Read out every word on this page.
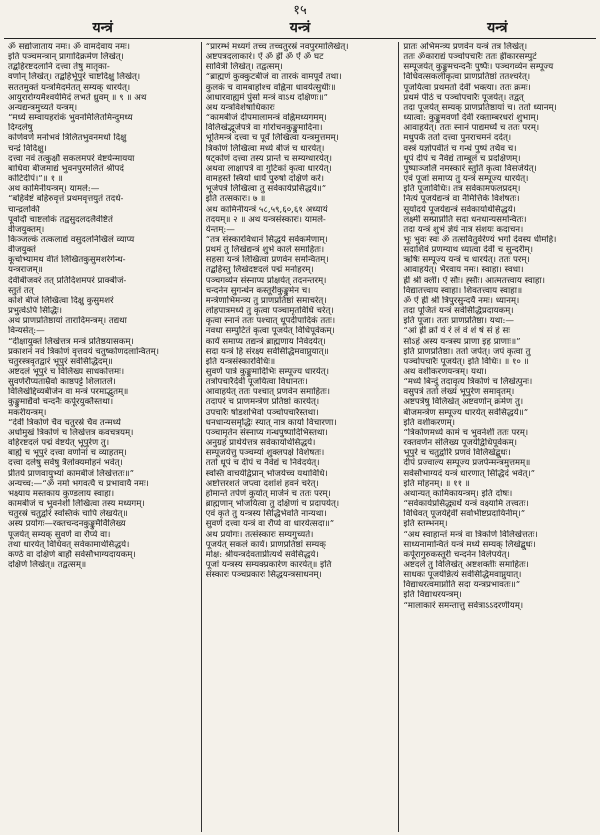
१५
यन्त्रं	यन्त्रं	यन्त्रं
ॐ सद्योजाताय नमः। ॐ वामदेवाय नमः।
इति पञ्चमन्त्रान् प्रागादिक्रमेण लिखेत्।
तद्बहिरष्टदलानि दत्त्वा तेषु मातृका-
वर्णान् लिखेत्। तद्बहिर्भूपुरं चाष्टदिक्षु लिखेत्।
सततमुक्तं यन्त्रमिदमेतत् सम्यक् धारयेत्।
आयुरारोग्यमैश्वर्यमिदं लभते ध्रुवम् ॥ ९ ॥ अथ
अन्यद्यन्त्रमुच्यते यन्त्रम्।
“मध्ये सम्वायहरांकं भुवनमिलितमिन्दुमध्य
दिग्दलेषु
कोणेवर्णे मनोभवं त्रिलितभुवनमधो दिक्षु
चन्द्रं विदिक्षु।
दत्त्वा नवं तत्कुक्षौ सकलमपरं वेष्टयेन्मायया
बाधिवा बीजमाद्यं भुवनपुरमलितं श्रीपदं
कोटिदीपं।”॥ १ ॥
अथ कामिनीयन्त्रम्। यामले:—
“बहिर्वेष्टं बहिरुवृत्तं प्रथमवृत्तयुतं तदर्ध-
चान्द्रलोकी
पूर्वादौ चाष्टलोकं तद्वसुदलदलैर्वेष्टितं
वीजयुक्तम्।
किञ्जल्कं तत्कलाद्यं वसुदलनिखिलं व्याप्य
वीजयुक्तं
कूर्चाभ्यामथ वीतं लिखितकुसुमशरेर्गन्ध-
यन्त्रराजम्॥
देवीबीजवरं तत् प्रतिदिशमपरं प्राक्बीजं-
स्तुतं तत्
कोशे बीजं लिखित्वा दिक्षु कुसुमशरं
प्रभुत्वेऽपि सिद्धिः।
अथ प्राणप्रतिष्ठायां तारादिमन्त्रम्। तद्यथा
विन्यसेत्:—
“दीक्षायुक्तं लिखेत्तत्र मन्त्रं प्रतिष्ठयासकम्।
प्रकाशनं नवं त्रिकोणं वृत्तवयं चतुष्कोणदलान्वितम्।
चतुरस्त्रवृतद्वारं भूपुरं सर्वसिद्धिदम्॥
अष्टदलं भूपुरं च विलिख्य साधकोत्तमः।
सुवर्णरौप्यताम्रैर्वा काष्ठपट्टे शिलातले।
विलिखेद्दिव्यबीजेन वा मन्त्रं परमाद्भुतम्॥
कुङ्कुमाद्यैर्वा चन्दनैः कर्पूरयुक्तैस्तथा।
मकरीयन्त्रम्।
“देवीं त्रिकोणे चैव चतुरस्रे चैव तन्मध्ये
अधोमुखं त्रिकोणं च लिखेत्तत्र कवचत्रयम्।
वहिरष्टदलं पद्मं वेष्टयेत् भूपुरेण तु।
बाह्ये च भूपुरं दत्त्वा वर्णानां च व्याहतम्।
दत्त्वा दलेषु सर्वेषु त्रैलोक्यमोहनं भवेत्।
प्रीतये प्राणवायुभ्यां कामबीजं लिखेत्ततः॥”
अन्यच्च:—“ॐ नमो भगवत्यै च प्रभावायै नमः।
भक्ष्याय मस्तकाय कुण्डलाय स्वाहा।
कामबीजं च भुवनेशीं लिखित्वा तस्य मध्यगम्।
चतुरस्रं चतुर्द्वारं स्वस्तिकं चापि लेखयेत्॥
अस्य प्रयोगः—रक्तचन्दनकुङ्कुमैर्विलिख्य
पूजयेत् सम्यक् सुवर्णे वा रौप्ये वा।
तथा धारयेत् विधिवत् सर्वकामार्थसिद्धये।
कण्ठे वा दक्षिणे बाहौ सर्वसौभाग्यदायकम्।
दक्षिणे लिखेत्॥ तद्वत्सम्॥
“प्रारम्भं मध्यगं तच्च तच्चतुरस्रं नवपुरमालिखेत्।
अष्टपत्रदलाकारं। ऐं ॐ ह्रीं ॐ ऐं ॐ घट
सावित्री लिखेत्। तद्वत्सम्।
“ब्राह्मणं कुक्कुटबीजं वा तारकं वामपूर्वं तथा।
कुलकं च वामबाहोश्च वह्निना धावयेत्सुधीः॥
आधारवाह्यमं पुंसो मन्त्रं वाऽथ दक्षिणः॥”
अथ यन्त्रविशेषाधिकारः
“कामबीजं दीपमालामन्त्रं वह्निमध्यगमम्।
विलिखेद्भूर्जपत्रे वा गोरोचनकुङ्कुमादिना।
भूतिमन्त्रं दत्त्वा च पूर्वं लिखित्वा यन्त्रमुत्तमम्।
त्रिकोणं लिखित्वा मध्ये बीजं च धारयेत्।
षट्कोणं दत्त्वा तस्य प्रान्ते च सम्यग्धारयेत्।
अथवा लाक्षापत्रे वा गुटिकां कृत्वा धारयेत्।
वामहस्ते स्त्रियो धार्यं पुरुषो दक्षिणे करे।
भूर्जपत्रे लिखित्वा तु सर्वकार्यप्रसिद्धये॥”
इति तत्सकारः। ७ ॥
अथ कामिनीयन्त्रं ५८,५९,६०,६१ अध्यायं
तदयम्॥ २ ॥ अथ यन्त्रसंस्कारः। यामले-
र्यन्तम्:—
“तत्र संस्कारविधानं सिद्धये सर्वकर्मणाम्।
प्रथमं तु लिखेद्यन्त्रं शुभे काले समाहितः।
सहसा यन्त्रं लिखित्वा प्रणवेन समन्वितम्।
तद्बहिस्तु लिखेदष्टदलं पद्मं मनोहरम्।
पञ्चगव्येन संस्नाप्य प्रोक्षयेत् तदनन्तरम्।
चन्दनेन सुगन्धेन कस्तूरीकुङ्कुमेन च।
मन्त्रेणाभिमन्त्र्य तु प्राणप्रतिष्ठां समाचरेत्।
लोहपात्रमध्ये तु कृत्वा पञ्चामृतविधिं चरेत्।
कृत्वा स्नानं ततः पश्चात् धूपदीपादिकं ततः।
नवधा सम्पुटितं कृत्वा पूजयेत् विधिपूर्वकम्।
कार्यं समाप्य तद्यन्त्रं ब्राह्मणाय निवेदयेत्।
सदा यन्त्रं हि संरक्ष्य सर्वसिद्धिमवाप्नुयात्॥
इति यन्त्रसंस्कारविधिः॥
सुवर्णे पात्रे कुङ्कुमादिभिः सम्पूज्य धारयेत्।
तत्रोपचारैर्देवीं पूजयित्वा विधानतः।
आवाहयेत् ततः पश्चात् प्रणवेन समाहितः।
तदापरं च प्राणमन्त्रेण प्रतिष्ठां कारयेत्।
उपचारैः षोडशभिर्वा पञ्चोपचारैस्तथा।
धनधान्यसमृद्धिः स्यात् नात्र कार्या विचारणा।
पञ्चामृतेन संस्नाप्य गन्धपुष्पादिभिस्तथा।
अनुग्रहं प्रार्थयेत्तत्र सर्वकार्यार्थसिद्धये।
सम्पूजयेत्तु पञ्चम्यां शुक्लपक्षे विशेषतः।
ततो धूपं च दीपं च नैवेद्यं च निवेदयेत्।
स्वस्ति वाचयेद्विप्रान् भोजयेच्च यथाविधि।
अष्टोत्तरशतं जप्त्वा दशांशं हवनं चरेत्।
होमान्ते तर्पणं कुर्यात् मार्जनं च ततः परम्।
ब्राह्मणान् भोजयित्वा तु दक्षिणां च प्रदापयेत्।
एवं कृते तु यन्त्रस्य सिद्धिर्भवति नान्यथा।
सुवर्णे दत्त्वा यन्त्रं वा रौप्ये वा धारयेत्सदा॥”
अथ प्रयोगः। तत्संस्कारः सम्यगुच्यते।
पूजयेत् सकलं कार्यं। प्राणप्रतिष्ठां सम्यक्
मोक्ष: श्रीयन्त्रदेवताप्रीत्यर्थं सर्वसिद्धये।
पूजां यन्त्रस्य सम्यक्प्रकारेण कारयेत्॥ इति
संस्कारः पञ्चप्रकारः सिद्धयन्त्रसाधनम्।
प्रातः अभिमन्त्र्य प्रणवेन यन्त्रं तत्र लिखेत्।
ततः ॐकाराद्यं पञ्चोपचारैः ततः ह्रींकारसम्पुटं
सम्पूजयेत् कुङ्कुमचन्दनैः पुष्पैः। पञ्चगव्येन सम्पूज्य
विधिवत्सकलीकृत्वा प्राणप्रतिष्ठां ततश्चरेत्।
पूजयित्वा प्रथमतो देवीं भक्त्या। ततः क्रमः।
प्रथमं पीठं च पञ्चोपचारैः पूजयेत्। तद्वत्
तदा पूजयेत् सम्यक् प्राणप्रतिष्ठायां च। ततो ध्यानम्।
ध्यात्वा: कुङ्कुमवर्णां देवीं रक्ताम्बरधरां शुभाम्।
आवाहयेत्। ततः स्नानं पाद्यमर्घ्यं च ततः परम्।
मधुपर्कं ततो दत्त्वा पुनराचमनं ददेत्।
वस्त्रं यज्ञोपवीतं च गन्धं पुष्पं तथैव च।
धूपं दीपं च नैवेद्यं ताम्बूलं च प्रदक्षिणम्।
पुष्पाञ्जलिं नमस्कारं स्तुतिं कृत्वा विसर्जयेत्।
एवं पूजां समाप्य तु यन्त्रं सम्पूज्य धारयेत्।
इति पूजाविधिः। तत्र सर्वकामफलप्रदम्।
नित्यं पूजयेद्यन्त्रं वा नैमित्तिके विशेषतः।
सूर्योदये पूजयेद्यन्त्रं सर्वकार्यार्थसिद्धये।
लक्ष्मीं सम्प्राप्नोति सदा धनधान्यसमन्वितः।
तदा यन्त्रं शुभं ज्ञेयं नात्र संशयः कदाचन।
भूः भुवः स्वः ॐ तत्सवितुर्वरेण्यं भर्गो देवस्य धीमहि।
सदाशिवं प्रणम्याथ ध्यात्वा देवीं च सुन्दरीम्।
ऋषिः सम्पूज्य यन्त्रं च धारयेत्। ततः परम्।
आवाहयेत्। भैरवाय नमः। स्वाहा। स्वधा।
ह्रीं श्रीं क्लीं। ऐं सौः। ह्सौः। आत्मतत्त्वाय स्वाहा।
विद्यातत्त्वाय स्वाहा। शिवतत्त्वाय स्वाहा॥
ॐ ऐं ह्रीं श्रीं त्रिपुरसुन्दर्यै नमः। ध्यानम्।
तदा पूजितं यन्त्रं सर्वसिद्धिप्रदायकम्।
इति पूजा। ततः प्राणप्रतिष्ठा। यथा:—
“आं ह्रीं क्रों यं रं लं वं शं षं सं हं सः
सोऽहं अस्य यन्त्रस्य प्राणा इह प्राणाः॥”
इति प्राणप्रतिष्ठा। ततो जपेत्। जपं कृत्वा तु
पञ्चोपचारैः पूजयेत्। इति विधिः। ॥ १० ॥
अथ वशीकरणयन्त्रम्। यथा।
“मध्ये बिन्दुं तदावृत्य त्रिकोणं च लिखेत्पुनः।
वसुपत्रं ततो लेख्यं भूपुरेण समावृतम्।
अष्टपत्रेषु विलिखेत् अष्टवर्णान् क्रमेण तु।
बीजमन्त्रेण सम्पूज्य धारयेत् सर्वसिद्धये॥”
इति वशीकरणम्।
“त्रिकोणमध्ये कामं च भुवनेशीं ततः परम्।
रक्तवर्णेन संलिख्य पूजयेद्विधिपूर्वकम्।
भूपुरे च चतुर्द्वारि प्रणवं विलिखेद्बुधः।
दीपं प्रज्वाल्य सम्पूज्य प्रजपेन्मन्त्रमुत्तमम्॥
सर्वसौभाग्यदं यन्त्रं धारणात् सिद्धिदं भवेत्।”
इति मोहनम्। ॥ ११ ॥
अथान्यत् कामिकायन्त्रम्। इति दोषः।
“सर्वकार्यप्रसिद्ध्यर्थं यन्त्रं वक्ष्यामि तत्त्वतः।
विधिवत् पूजयेद्देवीं सर्वाभीष्टप्रदायिनीम्।”
इति स्तम्भनम्।
“अथ स्वाहान्तं मन्त्रं वा त्रिकोणे विलिखेत्ततः।
साध्यनामान्वितं यन्त्रं मध्ये सम्यक् लिखेद्बुधः।
कर्पूरागुरुकस्तूरी चन्दनेन विलेपयेत्।
अष्टदले तु विलिखेत् अष्टशक्तीः समाहितः।
साधकः पूजयेन्नित्यं सर्वसिद्धिमवाप्नुयात्।
विद्याधरत्वमाप्नोति सदा यन्त्रप्रभावतः॥”
इति विद्याधरयन्त्रम्।
“मालाकारं समन्तात्तु सर्वत्राऽऽदरणीयम्।
